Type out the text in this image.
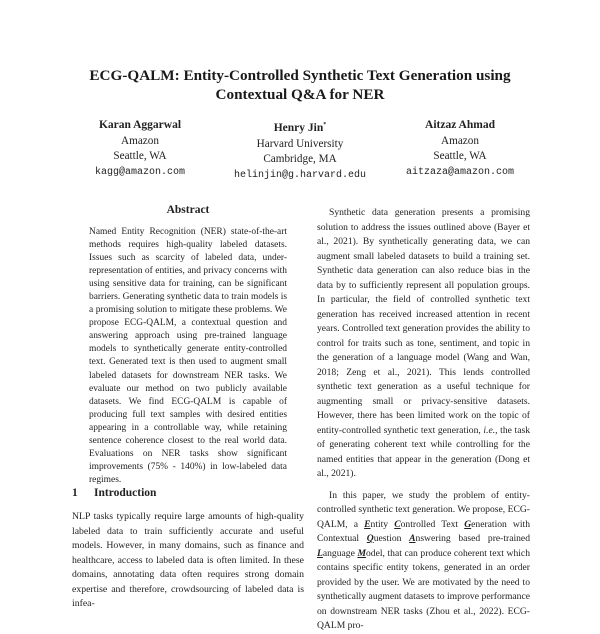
ECG-QALM: Entity-Controlled Synthetic Text Generation using
Contextual Q&A for NER
Karan Aggarwal
Amazon
Seattle, WA
kagg@amazon.com
Henry Jin*
Harvard University
Cambridge, MA
helinjin@g.harvard.edu
Aitzaz Ahmad
Amazon
Seattle, WA
aitzaza@amazon.com
Abstract

Named Entity Recognition (NER) state-of-the-art methods requires high-quality labeled datasets. Issues such as scarcity of labeled data, under-representation of entities, and privacy concerns with using sensitive data for training, can be significant barriers. Generating synthetic data to train models is a promising solution to mitigate these problems. We propose ECG-QALM, a contextual question and answering approach using pre-trained language models to synthetically generate entity-controlled text. Generated text is then used to augment small labeled datasets for downstream NER tasks. We evaluate our method on two publicly available datasets. We find ECG-QALM is capable of producing full text samples with desired entities appearing in a controllable way, while retaining sentence coherence closest to the real world data. Evaluations on NER tasks show significant improvements (75% - 140%) in low-labeled data regimes.

1 Introduction

NLP tasks typically require large amounts of high-quality labeled data to train sufficiently accurate and useful models. However, in many domains, such as finance and healthcare, access to labeled data is often limited. In these domains, annotating data often requires strong domain expertise and therefore, crowdsourcing of labeled data is infea-

Synthetic data generation presents a promising solution to address the issues outlined above (Bayer et al., 2021). By synthetically generating data, we can augment small labeled datasets to build a training set. Synthetic data generation can also reduce bias in the data by to sufficiently represent all population groups. In particular, the field of controlled synthetic text generation has received increased attention in recent years. Controlled text generation provides the ability to control for traits such as tone, sentiment, and topic in the generation of a language model (Wang and Wan, 2018; Zeng et al., 2021). This lends controlled synthetic text generation as a useful technique for augmenting small or privacy-sensitive datasets. However, there has been limited work on the topic of entity-controlled synthetic text generation, i.e., the task of generating coherent text while controlling for the named entities that appear in the generation (Dong et al., 2021).

In this paper, we study the problem of entity-controlled synthetic text generation. We propose, ECG-QALM, a Entity Controlled Text Generation with Contextual Question Answering based pre-trained Language Model, that can produce coherent text which contains specific entity tokens, generated in an order provided by the user. We are motivated by the need to synthetically augment datasets to improve performance on downstream NER tasks (Zhou et al., 2022). ECG-QALM pro-
